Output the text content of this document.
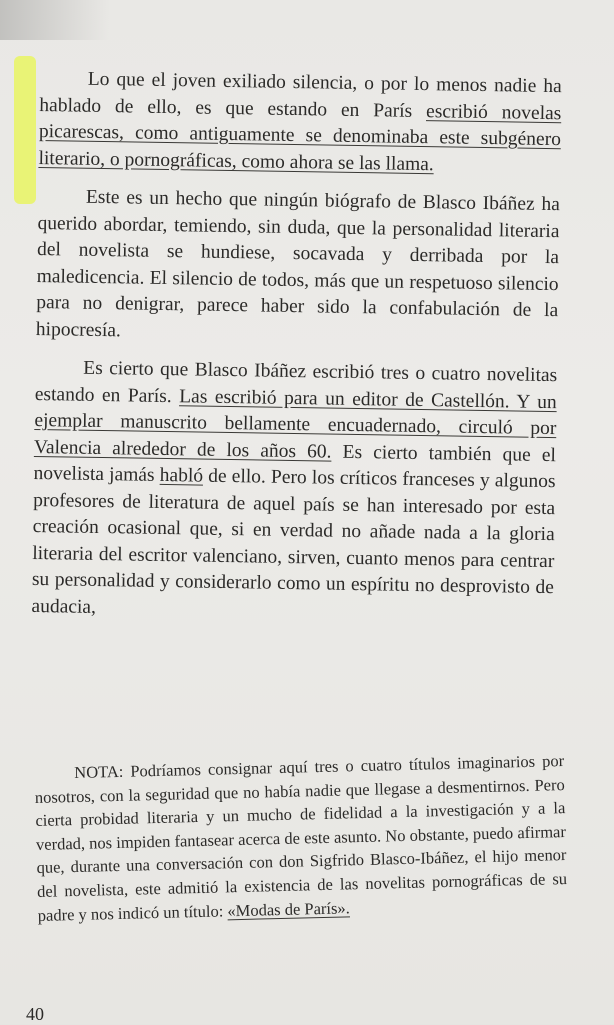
Lo que el joven exiliado silencia, o por lo menos nadie ha hablado de ello, es que estando en París escribió novelas picarescas, como antiguamente se denominaba este subgénero literario, o pornográficas, como ahora se las llama.

Este es un hecho que ningún biógrafo de Blasco Ibáñez ha querido abordar, temiendo, sin duda, que la personalidad literaria del novelista se hundiese, socavada y derribada por la maledicencia. El silencio de todos, más que un respetuoso silencio para no denigrar, parece haber sido la confabulación de la hipocresía.

Es cierto que Blasco Ibáñez escribió tres o cuatro novelitas estando en París. Las escribió para un editor de Castellón. Y un ejemplar manuscrito bellamente encuadernado, circuló por Valencia alrededor de los años 60. Es cierto también que el novelista jamás habló de ello. Pero los críticos franceses y algunos profesores de literatura de aquel país se han interesado por esta creación ocasional que, si en verdad no añade nada a la gloria literaria del escritor valenciano, sirven, cuanto menos para centrar su personalidad y considerarlo como un espíritu no desprovisto de audacia,

NOTA: Podríamos consignar aquí tres o cuatro títulos imaginarios por nosotros, con la seguridad que no había nadie que llegase a desmentirnos. Pero cierta probidad literaria y un mucho de fidelidad a la investigación y a la verdad, nos impiden fantasear acerca de este asunto. No obstante, puedo afirmar que, durante una conversación con don Sigfrido Blasco-Ibáñez, el hijo menor del novelista, este admitió la existencia de las novelitas pornográficas de su padre y nos indicó un título: «Modas de París».

40
